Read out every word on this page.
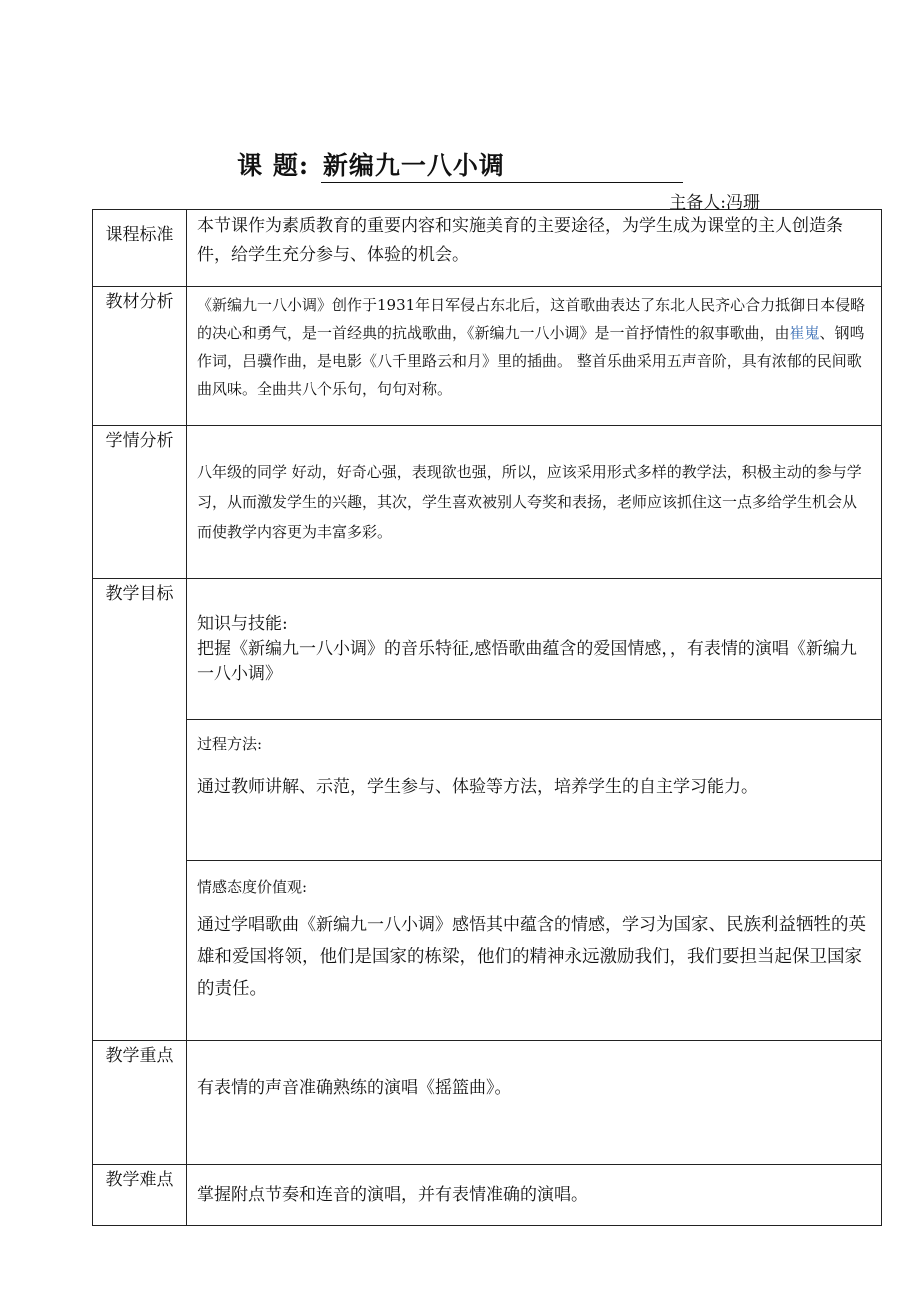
课 题: 新编九一八小调
主备人:冯珊
课程标准	本节课作为素质教育的重要内容和实施美育的主要途径，为学生成为课堂的主人创造条件，给学生充分参与、体验的机会。

教材分析	《新编九一八小调》创作于1931年日军侵占东北后，这首歌曲表达了东北人民齐心合力抵御日本侵略的决心和勇气，是一首经典的抗战歌曲，《新编九一八小调》是一首抒情性的叙事歌曲，由崔嵬、钢鸣作词，吕骥作曲，是电影《八千里路云和月》里的插曲。 整首乐曲采用五声音阶，具有浓郁的民间歌曲风味。全曲共八个乐句，句句对称。

学情分析	八年级的同学 好动，好奇心强，表现欲也强，所以，应该采用形式多样的教学法，积极主动的参与学习，从而激发学生的兴趣，其次，学生喜欢被别人夸奖和表扬，老师应该抓住这一点多给学生机会从而使教学内容更为丰富多彩。

教学目标	知识与技能:
把握《新编九一八小调》的音乐特征,感悟歌曲蕴含的爱国情感，，有表情的演唱《新编九一八小调》

	过程方法:
通过教师讲解、示范，学生参与、体验等方法，培养学生的自主学习能力。

	情感态度价值观:
通过学唱歌曲《新编九一八小调》感悟其中蕴含的情感，学习为国家、民族利益牺牲的英雄和爱国将领，他们是国家的栋梁，他们的精神永远激励我们，我们要担当起保卫国家的责任。

教学重点	有表情的声音准确熟练的演唱《摇篮曲》。

教学难点	掌握附点节奏和连音的演唱，并有表情准确的演唱。
